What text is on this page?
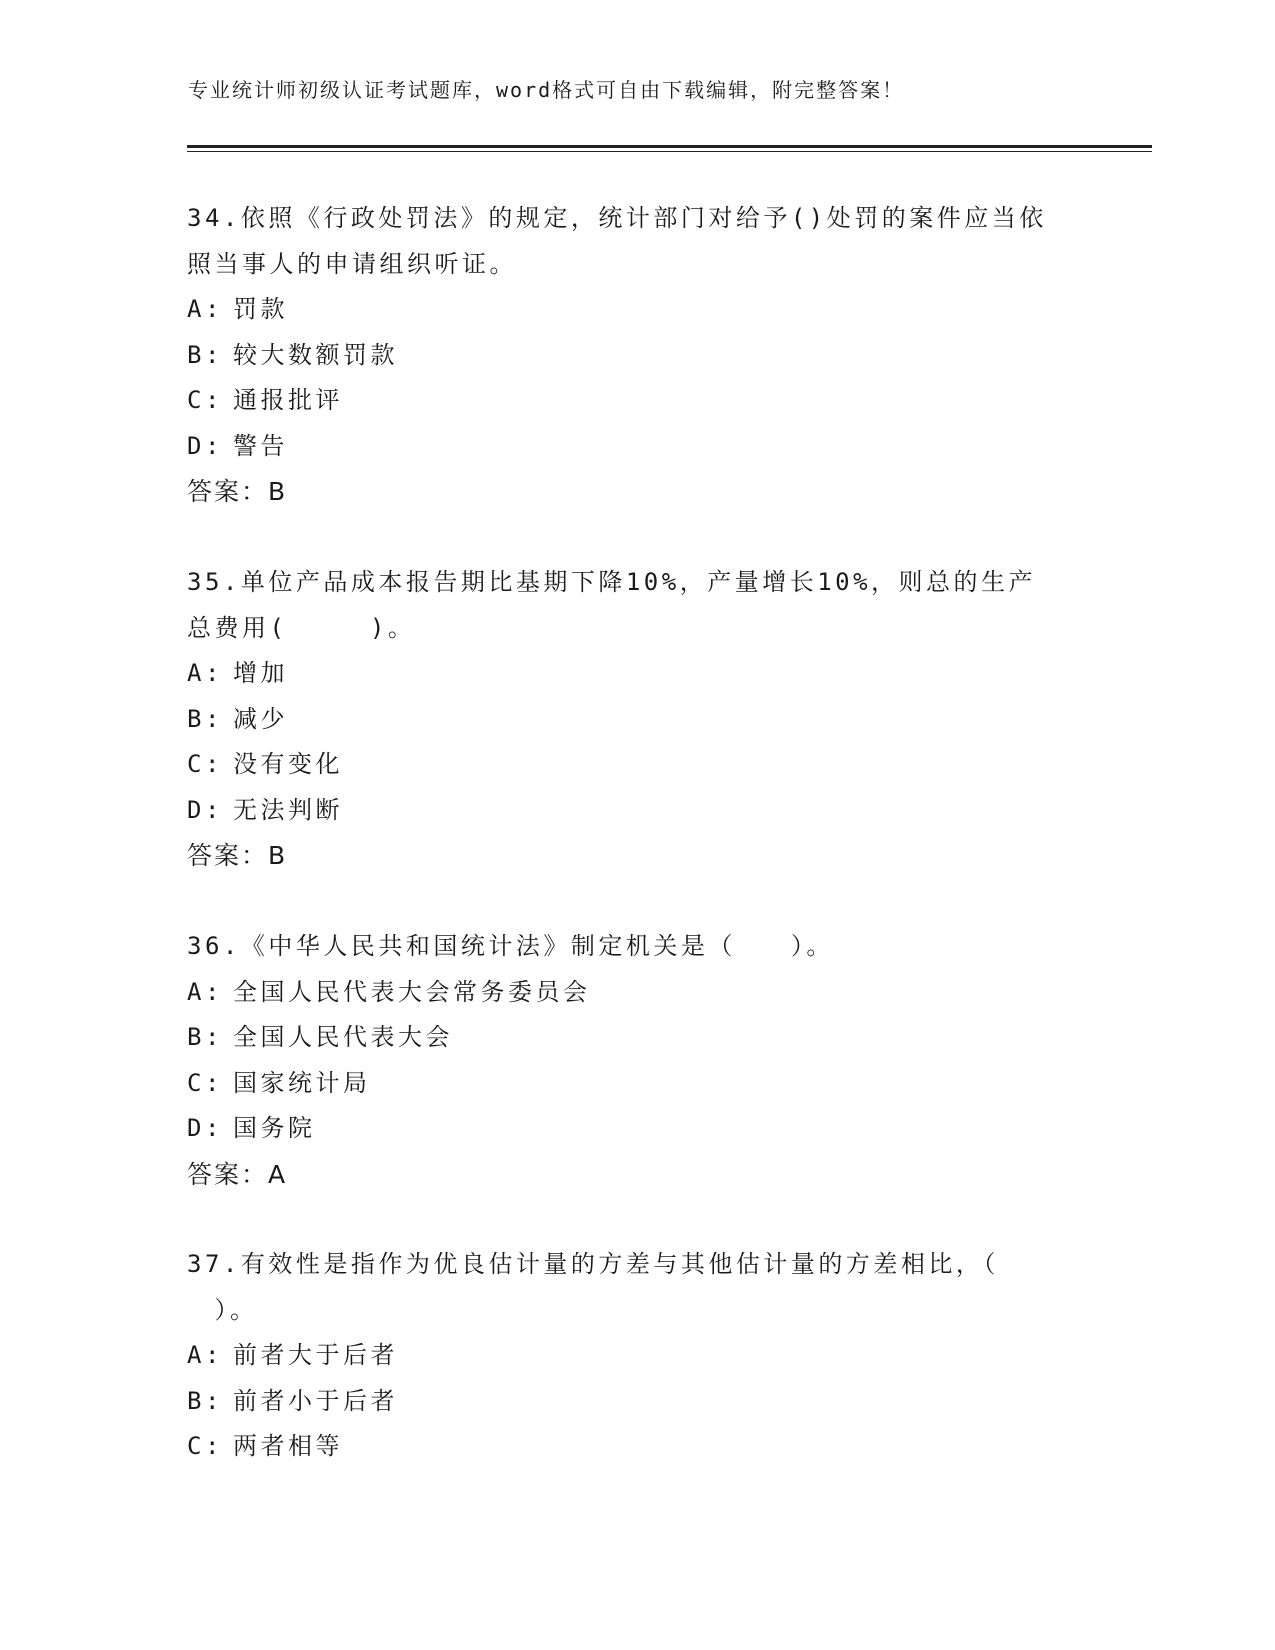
专业统计师初级认证考试题库，word格式可自由下载编辑，附完整答案！
34.依照《行政处罚法》的规定，统计部门对给予()处罚的案件应当依
照当事人的申请组织听证。
A: 罚款
B: 较大数额罚款
C: 通报批评
D: 警告
答案：B
35.单位产品成本报告期比基期下降10%，产量增长10%，则总的生产
总费用(　　　)。
A: 增加
B: 减少
C: 没有变化
D: 无法判断
答案：B
36.《中华人民共和国统计法》制定机关是（　　）。
A: 全国人民代表大会常务委员会
B: 全国人民代表大会
C: 国家统计局
D: 国务院
答案：A
37.有效性是指作为优良估计量的方差与其他估计量的方差相比，（
　）。
A: 前者大于后者
B: 前者小于后者
C: 两者相等
